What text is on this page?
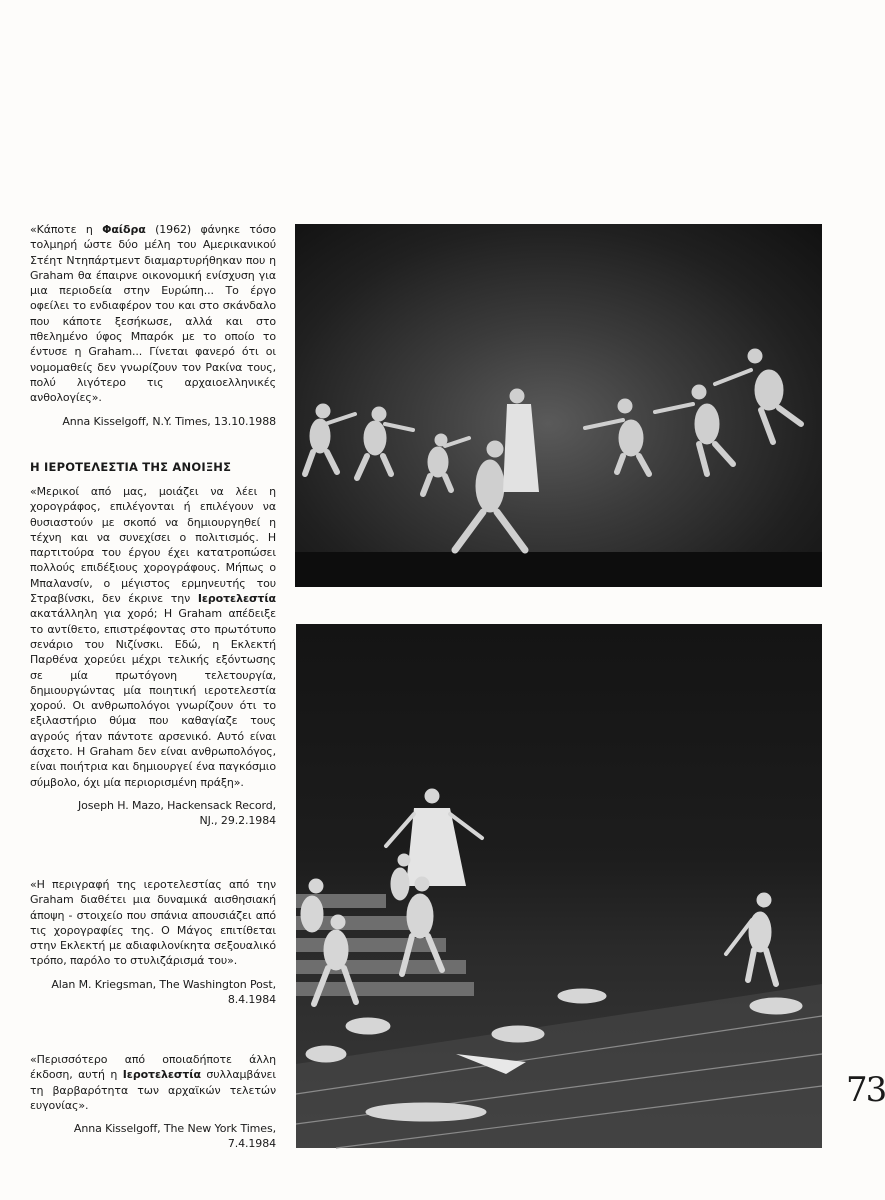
«Κάποτε η Φαίδρα (1962) φάνηκε τόσο τολμηρή ώστε δύο μέλη του Αμερικανικού Στέητ Ντηπάρτμεντ διαμαρτυρήθηκαν που η Graham θα έπαιρνε οικονομική ενίσχυση για μια περιοδεία στην Ευρώπη... Το έργο οφείλει το ενδιαφέρον του και στο σκάνδαλο που κάποτε ξεσήκωσε, αλλά και στο πθελημένο ύφος Μπαρόκ με το οποίο το έντυσε η Graham... Γίνεται φανερό ότι οι νομομαθείς δεν γνωρίζουν τον Ρακίνα τους, πολύ λιγότερο τις αρχαιοελληνικές ανθολογίες».

Anna Kisselgoff, N.Y. Times, 13.10.1988

Η ΙΕΡΟΤΕΛΕΣΤΙΑ ΤΗΣ ΑΝΟΙΞΗΣ

«Μερικοί από μας, μοιάζει να λέει η χορογράφος, επιλέγονται ή επιλέγουν να θυσιαστούν με σκοπό να δημιουργηθεί η τέχνη και να συνεχίσει ο πολιτισμός. Η παρτιτούρα του έργου έχει κατατροπώσει πολλούς επιδέξιους χορογράφους. Μήπως ο Μπαλανσίν, ο μέγιστος ερμηνευτής του Στραβίνσκι, δεν έκρινε την Ιεροτελεστία ακατάλληλη για χορό; Η Graham απέδειξε το αντίθετο, επιστρέφοντας στο πρωτότυπο σενάριο του Νιζίνσκι. Εδώ, η Εκλεκτή Παρθένα χορεύει μέχρι τελικής εξόντωσης σε μία πρωτόγονη τελετουργία, δημιουργώντας μία ποιητική ιεροτελεστία χορού. Οι ανθρωπολόγοι γνωρίζουν ότι το εξιλαστήριο θύμα που καθαγίαζε τους αγρούς ήταν πάντοτε αρσενικό. Αυτό είναι άσχετο. Η Graham δεν είναι ανθρωπολόγος, είναι ποιήτρια και δημιουργεί ένα παγκόσμιο σύμβολο, όχι μία περιορισμένη πράξη».

Joseph H. Mazo, Hackensack Record,
NJ., 29.2.1984

«Η περιγραφή της ιεροτελεστίας από την Graham διαθέτει μια δυναμικά αισθησιακή άποψη - στοιχείο που σπάνια απουσιάζει από τις χορογραφίες της. Ο Μάγος επιτίθεται στην Εκλεκτή με αδιαφιλονίκητα σεξουαλικό τρόπο, παρόλο το στυλιζάρισμά του».

Alan M. Kriegsman, The Washington Post,
8.4.1984

«Περισσότερο από οποιαδήποτε άλλη έκδοση, αυτή η Ιεροτελεστία συλλαμβάνει τη βαρβαρότητα των αρχαϊκών τελετών ευγονίας».

Anna Kisselgoff, The New York Times,
7.4.1984

73
